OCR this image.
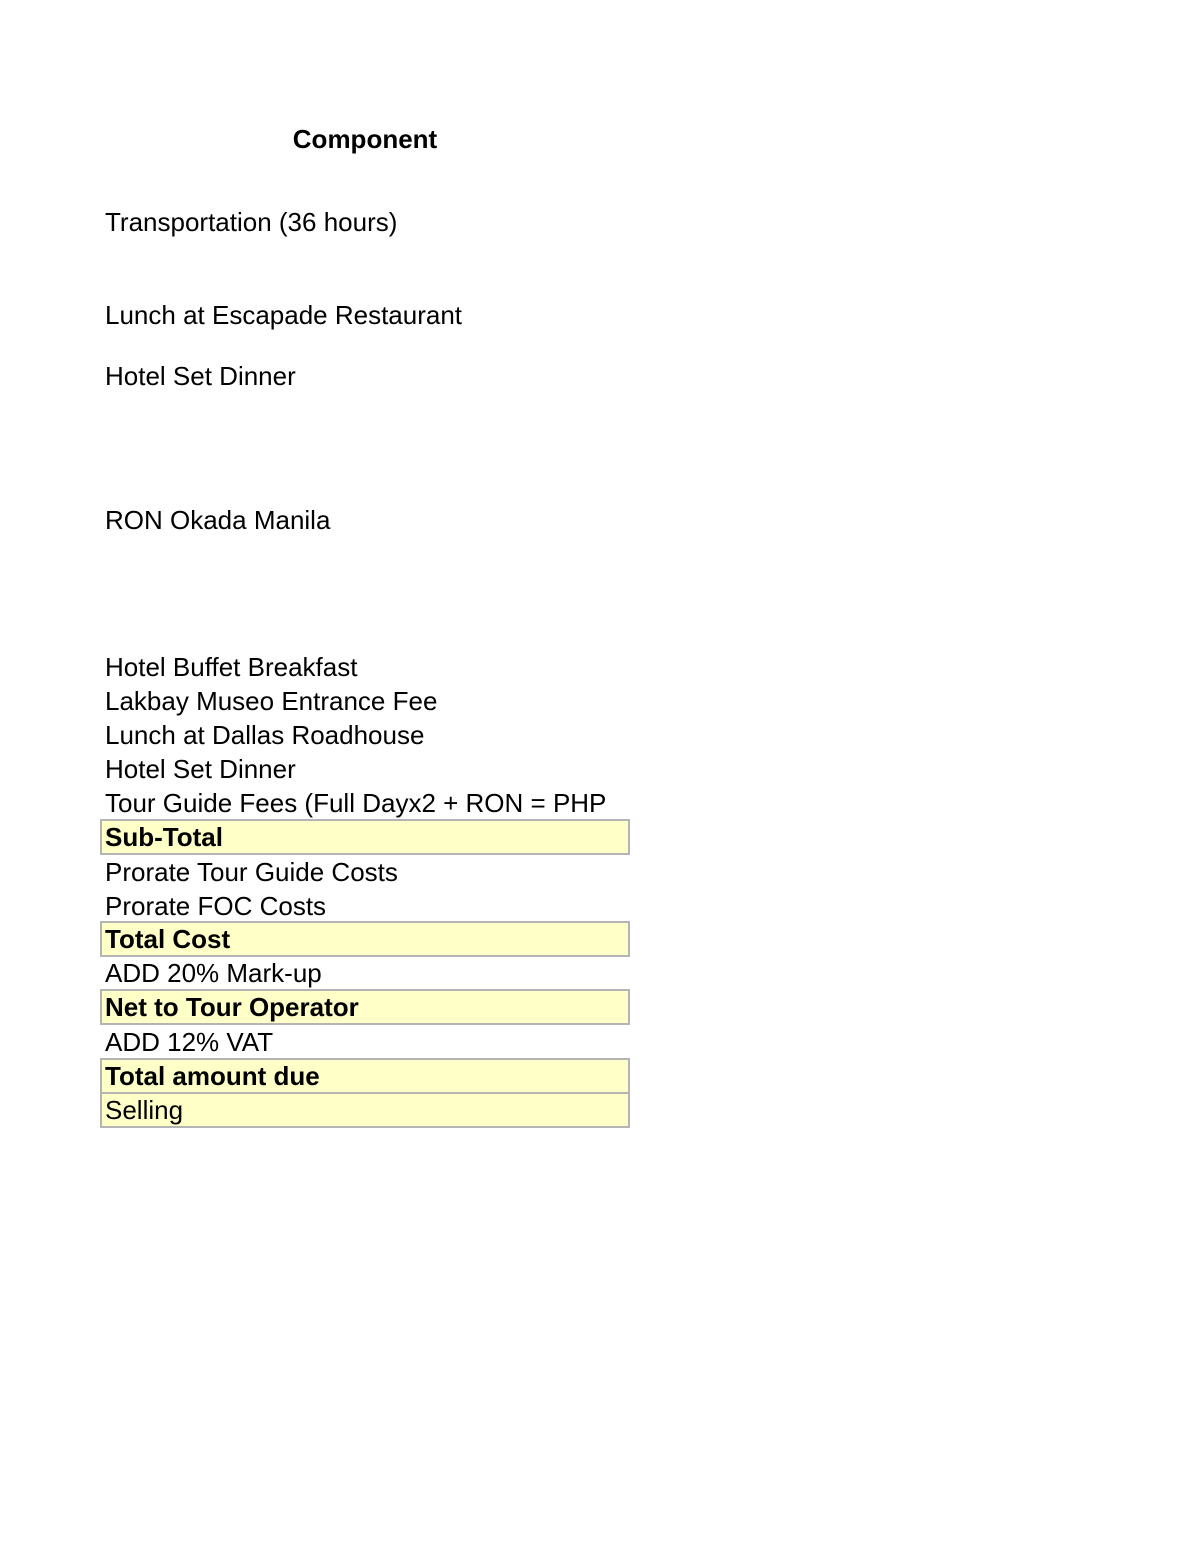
Component
Transportation (36 hours)
Lunch at Escapade Restaurant
Hotel Set Dinner
RON Okada Manila
Hotel Buffet Breakfast
Lakbay Museo Entrance Fee
Lunch at Dallas Roadhouse
Hotel Set Dinner
Tour Guide Fees (Full Dayx2 + RON = PHP
Sub-Total
Prorate Tour Guide Costs
Prorate FOC Costs
Total Cost
ADD 20% Mark-up
Net to Tour Operator
ADD 12% VAT
Total amount due
Selling
